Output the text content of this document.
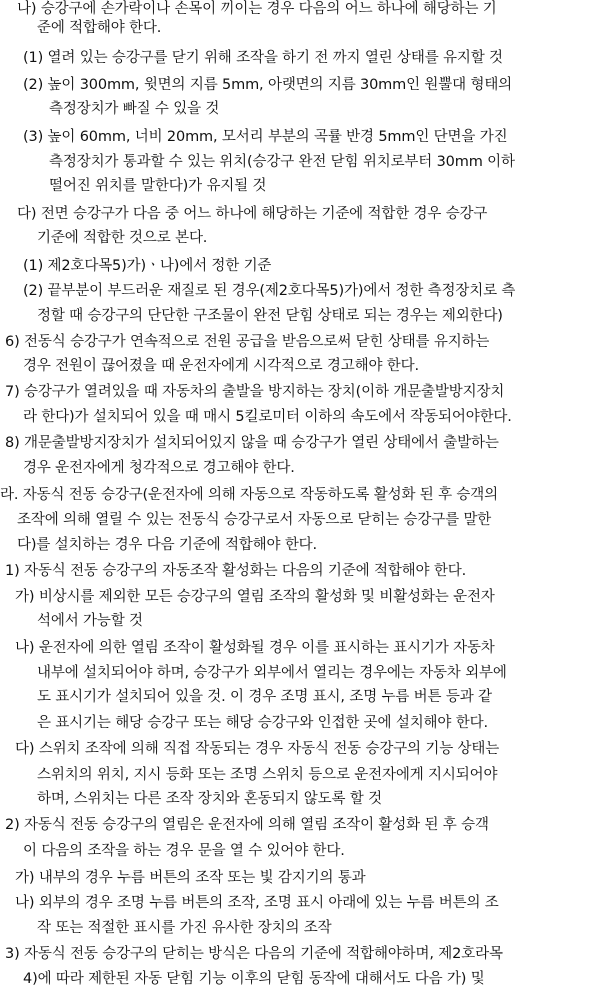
나) 승강구에 손가락이나 손목이 끼이는 경우 다음의 어느 하나에 해당하는 기

준에 적합해야 한다.

(1) 열려 있는 승강구를 닫기 위해 조작을 하기 전 까지 열린 상태를 유지할 것

(2) 높이 300mm, 윗면의 지름 5mm, 아랫면의 지름 30mm인 원뿔대 형태의

측정장치가 빠질 수 있을 것

(3) 높이 60mm, 너비 20mm, 모서리 부분의 곡률 반경 5mm인 단면을 가진

측정장치가 통과할 수 있는 위치(승강구 완전 닫힘 위치로부터 30mm 이하

떨어진 위치를 말한다)가 유지될 것

다) 전면 승강구가 다음 중 어느 하나에 해당하는 기준에 적합한 경우 승강구

기준에 적합한 것으로 본다.

(1) 제2호다목5)가)ㆍ나)에서 정한 기준

(2) 끝부분이 부드러운 재질로 된 경우(제2호다목5)가)에서 정한 측정장치로 측

정할 때 승강구의 단단한 구조물이 완전 닫힘 상태로 되는 경우는 제외한다)

6) 전동식 승강구가 연속적으로 전원 공급을 받음으로써 닫힌 상태를 유지하는

경우 전원이 끊어졌을 때 운전자에게 시각적으로 경고해야 한다.

7) 승강구가 열려있을 때 자동차의 출발을 방지하는 장치(이하 개문출발방지장치

라 한다)가 설치되어 있을 때 매시 5킬로미터 이하의 속도에서 작동되어야한다.

8) 개문출발방지장치가 설치되어있지 않을 때 승강구가 열린 상태에서 출발하는

경우 운전자에게 청각적으로 경고해야 한다.

라. 자동식 전동 승강구(운전자에 의해 자동으로 작동하도록 활성화 된 후 승객의

조작에 의해 열릴 수 있는 전동식 승강구로서 자동으로 닫히는 승강구를 말한

다)를 설치하는 경우 다음 기준에 적합해야 한다.

1) 자동식 전동 승강구의 자동조작 활성화는 다음의 기준에 적합해야 한다.

가) 비상시를 제외한 모든 승강구의 열림 조작의 활성화 및 비활성화는 운전자

석에서 가능할 것

나) 운전자에 의한 열림 조작이 활성화될 경우 이를 표시하는 표시기가 자동차

내부에 설치되어야 하며, 승강구가 외부에서 열리는 경우에는 자동차 외부에

도 표시기가 설치되어 있을 것. 이 경우 조명 표시, 조명 누름 버튼 등과 같

은 표시기는 해당 승강구 또는 해당 승강구와 인접한 곳에 설치해야 한다.

다) 스위치 조작에 의해 직접 작동되는 경우 자동식 전동 승강구의 기능 상태는

스위치의 위치, 지시 등화 또는 조명 스위치 등으로 운전자에게 지시되어야

하며, 스위치는 다른 조작 장치와 혼동되지 않도록 할 것

2) 자동식 전동 승강구의 열림은 운전자에 의해 열림 조작이 활성화 된 후 승객

이 다음의 조작을 하는 경우 문을 열 수 있어야 한다.

가) 내부의 경우 누름 버튼의 조작 또는 빛 감지기의 통과

나) 외부의 경우 조명 누름 버튼의 조작, 조명 표시 아래에 있는 누름 버튼의 조

작 또는 적절한 표시를 가진 유사한 장치의 조작

3) 자동식 전동 승강구의 닫히는 방식은 다음의 기준에 적합해야하며, 제2호라목

4)에 따라 제한된 자동 닫힘 기능 이후의 닫힘 동작에 대해서도 다음 가) 및
